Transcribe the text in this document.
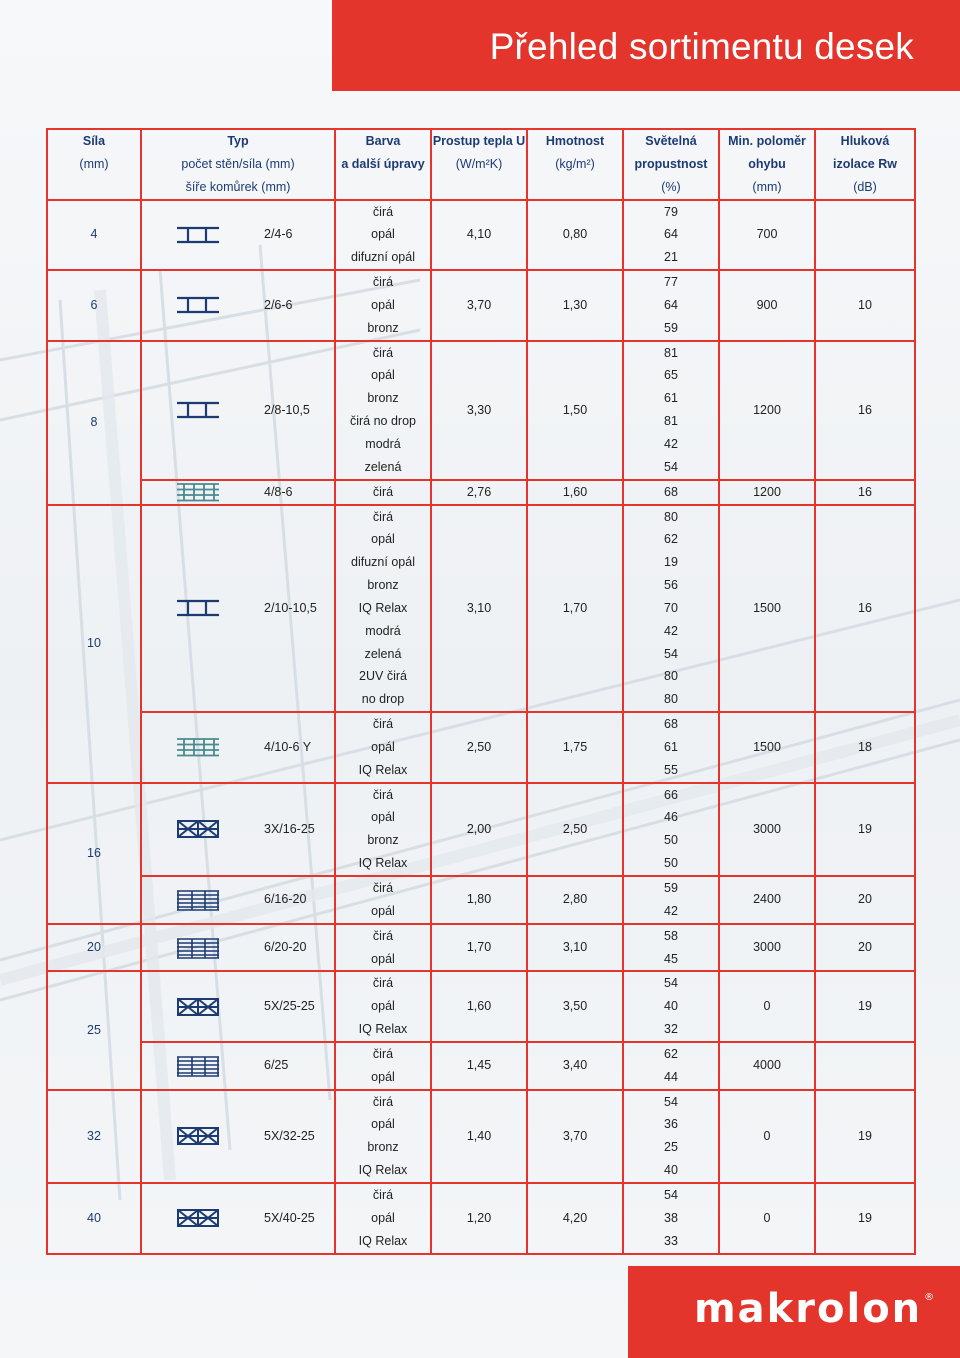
Přehled sortimentu desek
Síla	Typ	Barva	Prostup tepla U	Hmotnost	Světelná	Min. poloměr	Hluková
(mm)	počet stěn/síla (mm)	a další úpravy	(W/m²K)	(kg/m²)	propustnost	ohybu	izolace Rw
	šíře komůrek (mm)				(%)	(mm)	(dB)
4	2/4-6	čirá	4,10	0,80	79	700	
		opál			64		
		difuzní opál			21		
6	2/6-6	čirá	3,70	1,30	77	900	10
		opál			64		
		bronz			59		
8	2/8-10,5	čirá	3,30	1,50	81	1200	16
		opál			65		
		bronz			61		
		čirá no drop			81		
		modrá			42		
		zelená			54		

	4/8-6	čirá	2,76	1,60	68	1200	16
10	2/10-10,5	čirá	3,10	1,70	80	1500	16
		opál			62		
		difuzní opál			19		
		bronz			56		
		IQ Relax			70		
		modrá			42		
		zelená			54		
		2UV čirá			80		
		no drop			80		

	4/10-6 Y	čirá	2,50	1,75	68	1500	18
		opál			61		
		IQ Relax			55		
16	3X/16-25	čirá	2,00	2,50	66	3000	19
		opál			46		
		bronz			50		
		IQ Relax			50		

	6/16-20	čirá	1,80	2,80	59	2400	20
		opál			42		
20	6/20-20	čirá	1,70	3,10	58	3000	20
		opál			45		
25	5X/25-25	čirá	1,60	3,50	54	0	19
		opál			40		
		IQ Relax			32		

	6/25	čirá	1,45	3,40	62	4000	
		opál			44		
32	5X/32-25	čirá	1,40	3,70	54	0	19
		opál			36		
		bronz			25		
		IQ Relax			40		
40	5X/40-25	čirá	1,20	4,20	54	0	19
		opál			38		
		IQ Relax			33		
makrolon ®
